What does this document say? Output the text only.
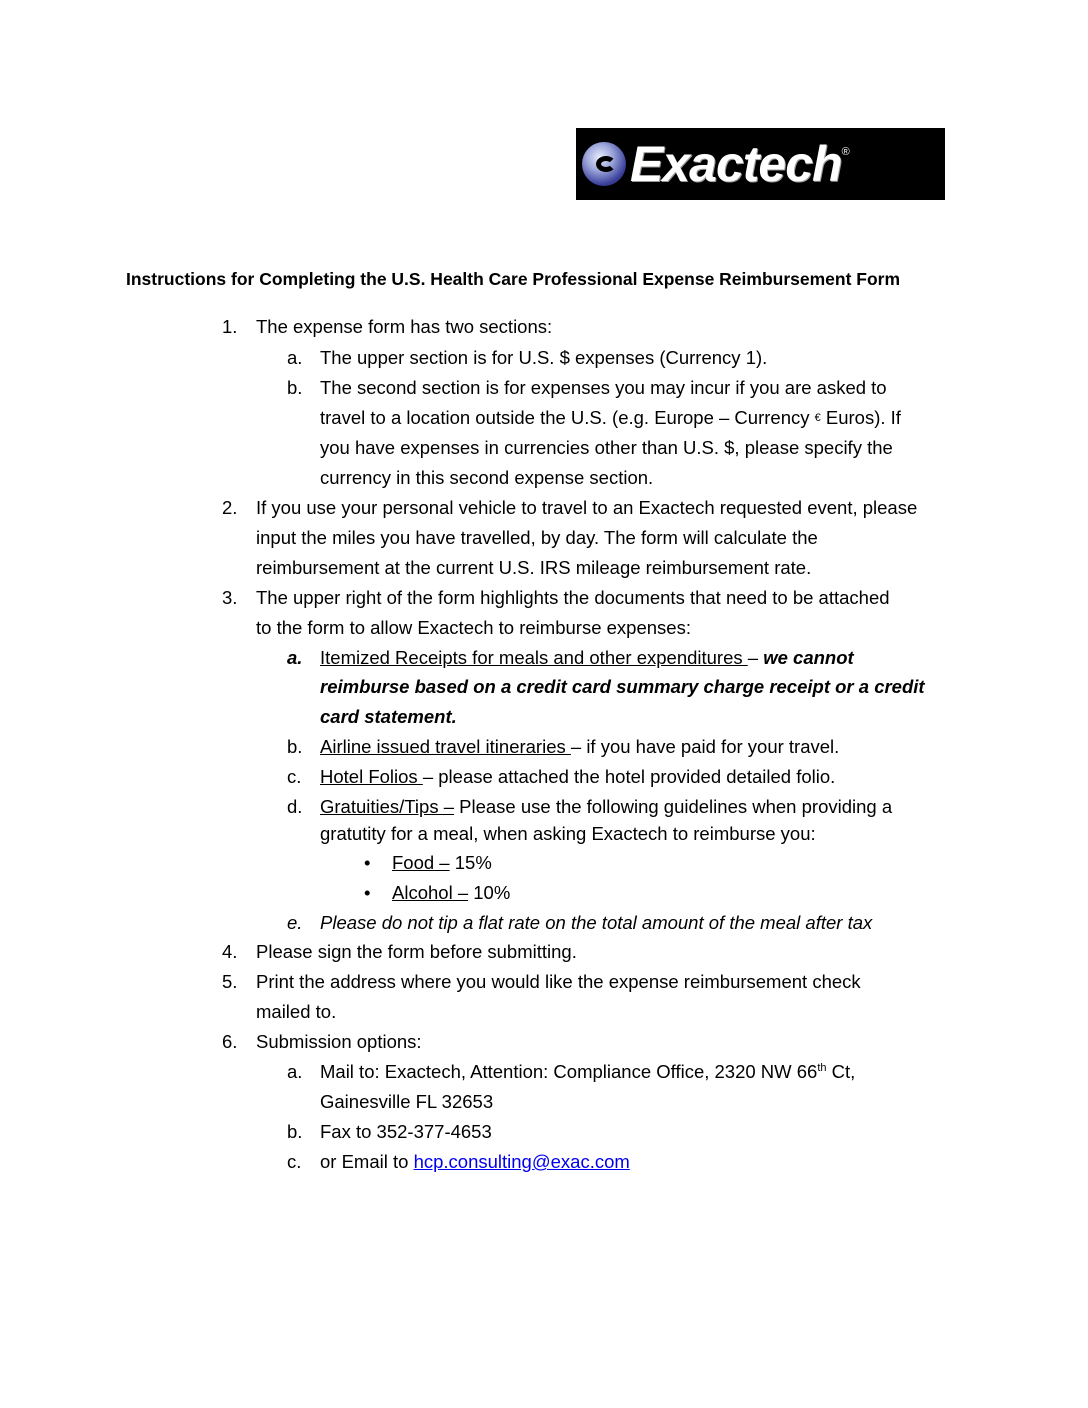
Exactech ®
Instructions for Completing the U.S. Health Care Professional Expense Reimbursement Form
1. The expense form has two sections:
a. The upper section is for U.S. $ expenses (Currency 1).
b. The second section is for expenses you may incur if you are asked to
travel to a location outside the U.S. (e.g. Europe – Currency € Euros). If
you have expenses in currencies other than U.S. $, please specify the
currency in this second expense section.
2. If you use your personal vehicle to travel to an Exactech requested event, please
input the miles you have travelled, by day. The form will calculate the
reimbursement at the current U.S. IRS mileage reimbursement rate.
3. The upper right of the form highlights the documents that need to be attached
to the form to allow Exactech to reimburse expenses:
a. Itemized Receipts for meals and other expenditures – we cannot
reimburse based on a credit card summary charge receipt or a credit
card statement.
b. Airline issued travel itineraries – if you have paid for your travel.
c. Hotel Folios – please attached the hotel provided detailed folio.
d. Gratuities/Tips – Please use the following guidelines when providing a
gratutity for a meal, when asking Exactech to reimburse you:
• Food – 15%
• Alcohol – 10%
e. Please do not tip a flat rate on the total amount of the meal after tax
4. Please sign the form before submitting.
5. Print the address where you would like the expense reimbursement check
mailed to.
6. Submission options:
a. Mail to: Exactech, Attention: Compliance Office, 2320 NW 66th Ct,
Gainesville FL 32653
b. Fax to 352-377-4653
c. or Email to hcp.consulting@exac.com
